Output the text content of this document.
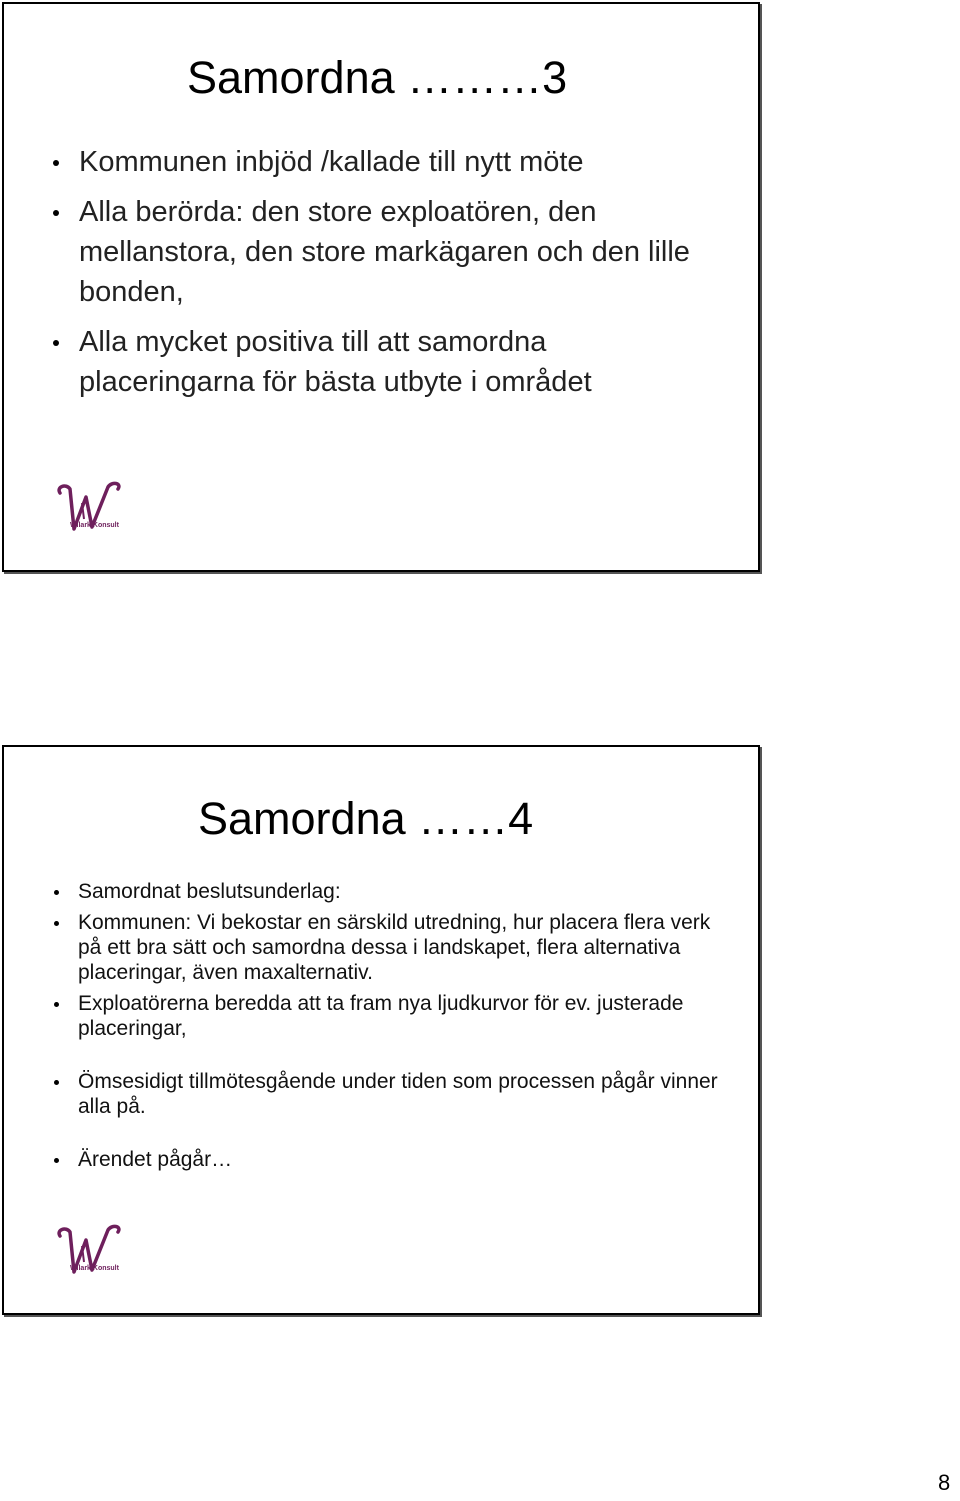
Samordna ………3
Kommunen inbjöd /kallade till nytt möte
Alla berörda: den store exploatören, den mellanstora, den store markägaren och den lille bonden,
Alla mycket positiva till att samordna placeringarna för bästa utbyte i området
Wilark Konsult
Samordna ……4
Samordnat beslutsunderlag:
Kommunen: Vi bekostar en särskild utredning, hur placera flera verk på ett bra sätt och samordna dessa i landskapet, flera alternativa placeringar, även maxalternativ.
Exploatörerna beredda att ta fram nya ljudkurvor för ev. justerade placeringar,
Ömsesidigt tillmötesgående under tiden som processen pågår vinner alla på.
Ärendet pågår…
Wilark Konsult
8
